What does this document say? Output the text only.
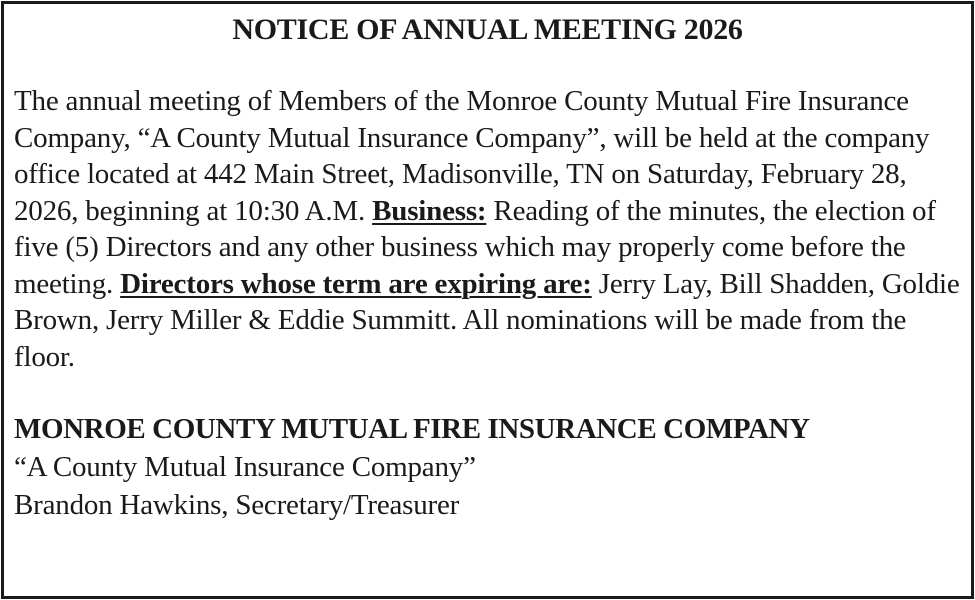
NOTICE OF ANNUAL MEETING 2026

The annual meeting of Members of the Monroe County Mutual Fire Insurance Company, “A County Mutual Insurance Company”, will be held at the company office located at 442 Main Street, Madisonville, TN on Saturday, February 28, 2026, beginning at 10:30 A.M. Business: Reading of the minutes, the election of five (5) Directors and any other business which may properly come before the meeting. Directors whose term are expiring are: Jerry Lay, Bill Shadden, Goldie Brown, Jerry Miller & Eddie Summitt. All nominations will be made from the floor.

MONROE COUNTY MUTUAL FIRE INSURANCE COMPANY
“A County Mutual Insurance Company”
Brandon Hawkins, Secretary/Treasurer
